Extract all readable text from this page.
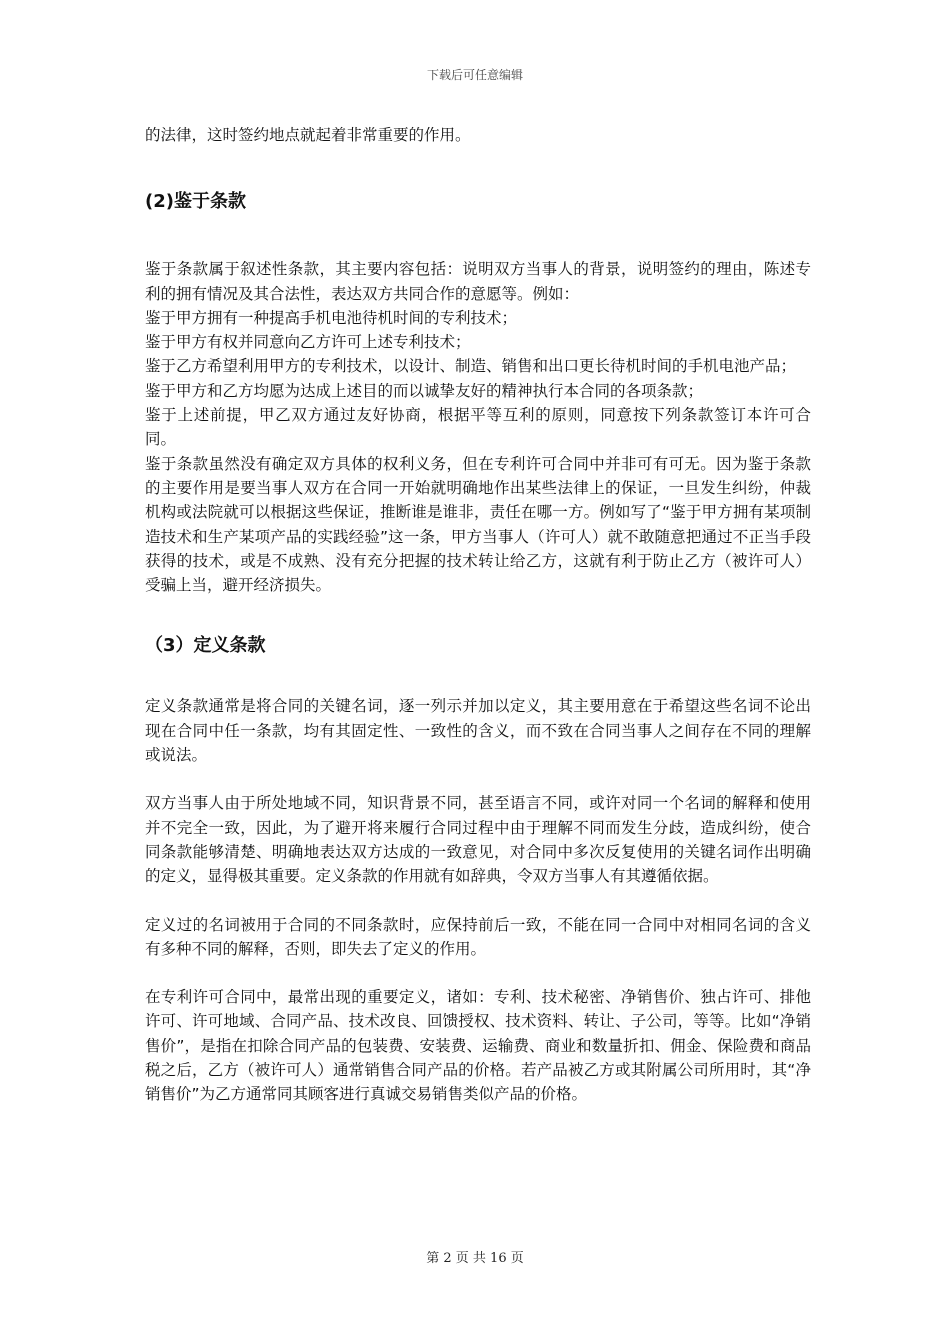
下载后可任意编辑

的法律，这时签约地点就起着非常重要的作用。

(2)鉴于条款

鉴于条款属于叙述性条款，其主要内容包括：说明双方当事人的背景，说明签约的理由，陈述专利的拥有情况及其合法性，表达双方共同合作的意愿等。例如：

鉴于甲方拥有一种提高手机电池待机时间的专利技术；

鉴于甲方有权并同意向乙方许可上述专利技术；

鉴于乙方希望利用甲方的专利技术，以设计、制造、销售和出口更长待机时间的手机电池产品；

鉴于甲方和乙方均愿为达成上述目的而以诚挚友好的精神执行本合同的各项条款；

鉴于上述前提，甲乙双方通过友好协商，根据平等互利的原则，同意按下列条款签订本许可合同。

鉴于条款虽然没有确定双方具体的权利义务，但在专利许可合同中并非可有可无。因为鉴于条款的主要作用是要当事人双方在合同一开始就明确地作出某些法律上的保证，一旦发生纠纷，仲裁机构或法院就可以根据这些保证，推断谁是谁非，责任在哪一方。例如写了“鉴于甲方拥有某项制造技术和生产某项产品的实践经验”这一条，甲方当事人（许可人）就不敢随意把通过不正当手段获得的技术，或是不成熟、没有充分把握的技术转让给乙方，这就有利于防止乙方（被许可人）受骗上当，避开经济损失。

（3）定义条款

定义条款通常是将合同的关键名词，逐一列示并加以定义，其主要用意在于希望这些名词不论出现在合同中任一条款，均有其固定性、一致性的含义，而不致在合同当事人之间存在不同的理解或说法。

双方当事人由于所处地域不同，知识背景不同，甚至语言不同，或许对同一个名词的解释和使用并不完全一致，因此，为了避开将来履行合同过程中由于理解不同而发生分歧，造成纠纷，使合同条款能够清楚、明确地表达双方达成的一致意见，对合同中多次反复使用的关键名词作出明确的定义，显得极其重要。定义条款的作用就有如辞典，令双方当事人有其遵循依据。

定义过的名词被用于合同的不同条款时，应保持前后一致，不能在同一合同中对相同名词的含义有多种不同的解释，否则，即失去了定义的作用。

在专利许可合同中，最常出现的重要定义，诸如：专利、技术秘密、净销售价、独占许可、排他许可、许可地域、合同产品、技术改良、回馈授权、技术资料、转让、子公司，等等。比如“净销售价”，是指在扣除合同产品的包装费、安装费、运输费、商业和数量折扣、佣金、保险费和商品税之后，乙方（被许可人）通常销售合同产品的价格。若产品被乙方或其附属公司所用时，其“净销售价”为乙方通常同其顾客进行真诚交易销售类似产品的价格。

第 2 页 共 16 页
